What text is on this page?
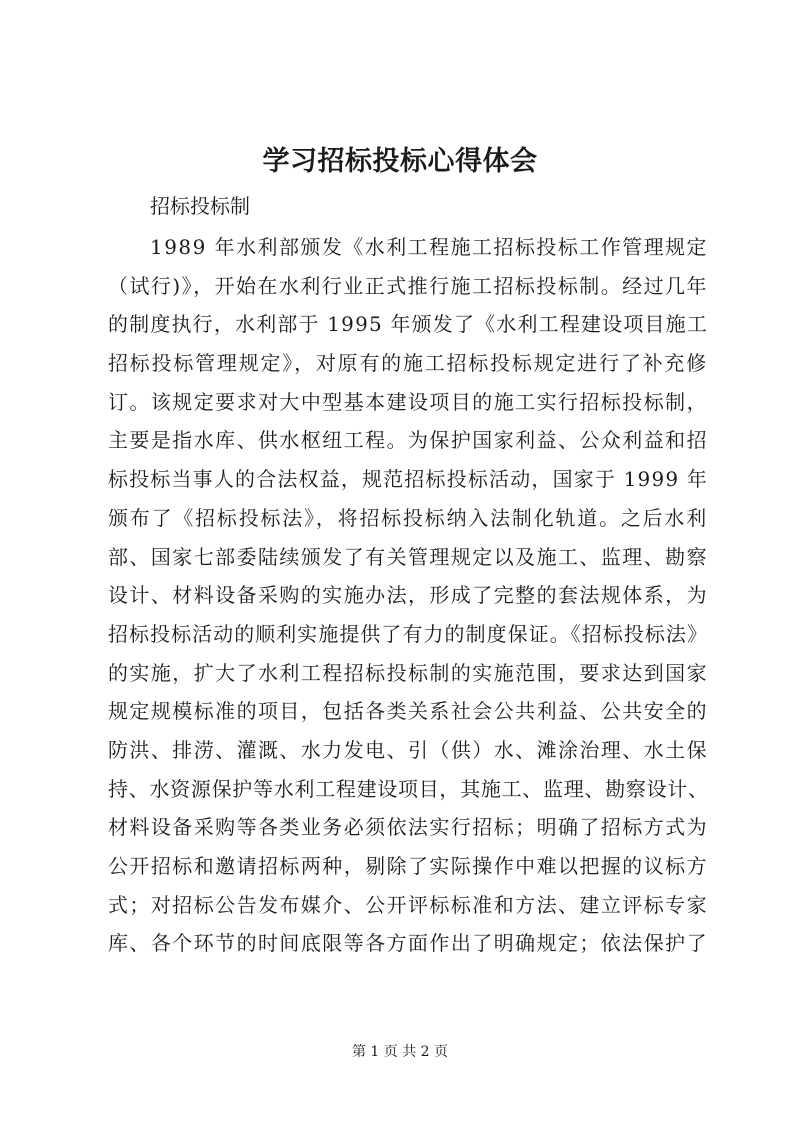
学习招标投标心得体会
招标投标制
1989 年水利部颁发《水利工程施工招标投标工作管理规定
（试行)》，开始在水利行业正式推行施工招标投标制。经过几年
的制度执行，水利部于 1995 年颁发了《水利工程建设项目施工
招标投标管理规定》，对原有的施工招标投标规定进行了补充修
订。该规定要求对大中型基本建设项目的施工实行招标投标制，
主要是指水库、供水枢纽工程。为保护国家利益、公众利益和招
标投标当事人的合法权益，规范招标投标活动，国家于 1999 年
颁布了《招标投标法》，将招标投标纳入法制化轨道。之后水利
部、国家七部委陆续颁发了有关管理规定以及施工、监理、勘察
设计、材料设备采购的实施办法，形成了完整的套法规体系，为
招标投标活动的顺利实施提供了有力的制度保证。《招标投标法》
的实施，扩大了水利工程招标投标制的实施范围，要求达到国家
规定规模标准的项目，包括各类关系社会公共利益、公共安全的
防洪、排涝、灌溉、水力发电、引（供）水、滩涂治理、水土保
持、水资源保护等水利工程建设项目，其施工、监理、勘察设计、
材料设备采购等各类业务必须依法实行招标；明确了招标方式为
公开招标和邀请招标两种，剔除了实际操作中难以把握的议标方
式；对招标公告发布媒介、公开评标标准和方法、建立评标专家
库、各个环节的时间底限等各方面作出了明确规定；依法保护了
第 1 页 共 2 页
